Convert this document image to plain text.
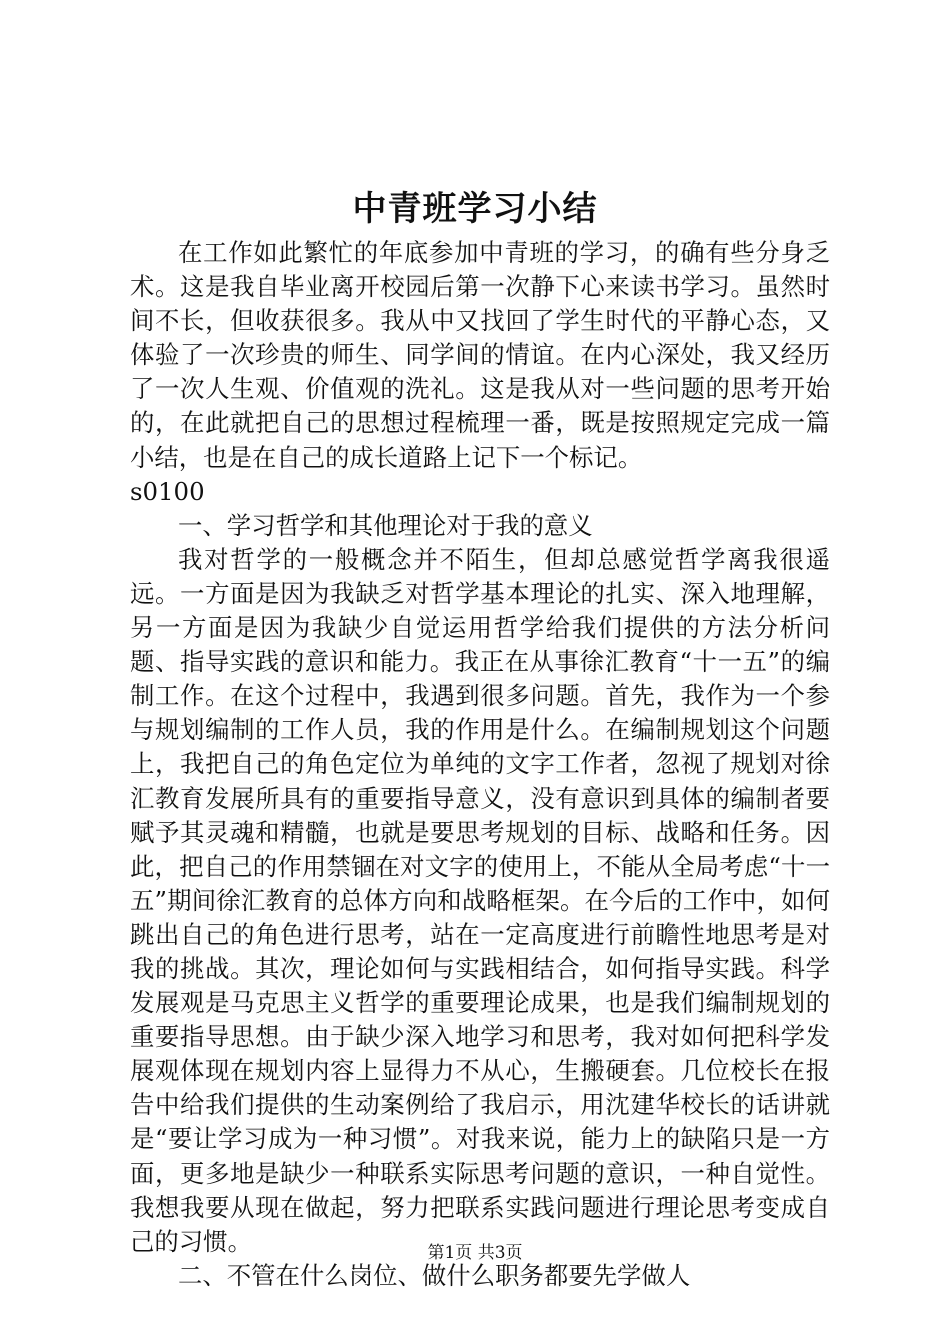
中青班学习小结

在工作如此繁忙的年底参加中青班的学习，的确有些分身乏术。这是我自毕业离开校园后第一次静下心来读书学习。虽然时间不长，但收获很多。我从中又找回了学生时代的平静心态，又体验了一次珍贵的师生、同学间的情谊。在内心深处，我又经历了一次人生观、价值观的洗礼。这是我从对一些问题的思考开始的，在此就把自己的思想过程梳理一番，既是按照规定完成一篇小结，也是在自己的成长道路上记下一个标记。

s0100

一、学习哲学和其他理论对于我的意义

我对哲学的一般概念并不陌生，但却总感觉哲学离我很遥远。一方面是因为我缺乏对哲学基本理论的扎实、深入地理解，另一方面是因为我缺少自觉运用哲学给我们提供的方法分析问题、指导实践的意识和能力。我正在从事徐汇教育“十一五”的编制工作。在这个过程中，我遇到很多问题。首先，我作为一个参与规划编制的工作人员，我的作用是什么。在编制规划这个问题上，我把自己的角色定位为单纯的文字工作者，忽视了规划对徐汇教育发展所具有的重要指导意义，没有意识到具体的编制者要赋予其灵魂和精髓，也就是要思考规划的目标、战略和任务。因此，把自己的作用禁锢在对文字的使用上，不能从全局考虑“十一五”期间徐汇教育的总体方向和战略框架。在今后的工作中，如何跳出自己的角色进行思考，站在一定高度进行前瞻性地思考是对我的挑战。其次，理论如何与实践相结合，如何指导实践。科学发展观是马克思主义哲学的重要理论成果，也是我们编制规划的重要指导思想。由于缺少深入地学习和思考，我对如何把科学发展观体现在规划内容上显得力不从心，生搬硬套。几位校长在报告中给我们提供的生动案例给了我启示，用沈建华校长的话讲就是“要让学习成为一种习惯”。对我来说，能力上的缺陷只是一方面，更多地是缺少一种联系实际思考问题的意识，一种自觉性。我想我要从现在做起，努力把联系实践问题进行理论思考变成自己的习惯。

二、不管在什么岗位、做什么职务都要先学做人

第1页 共3页
